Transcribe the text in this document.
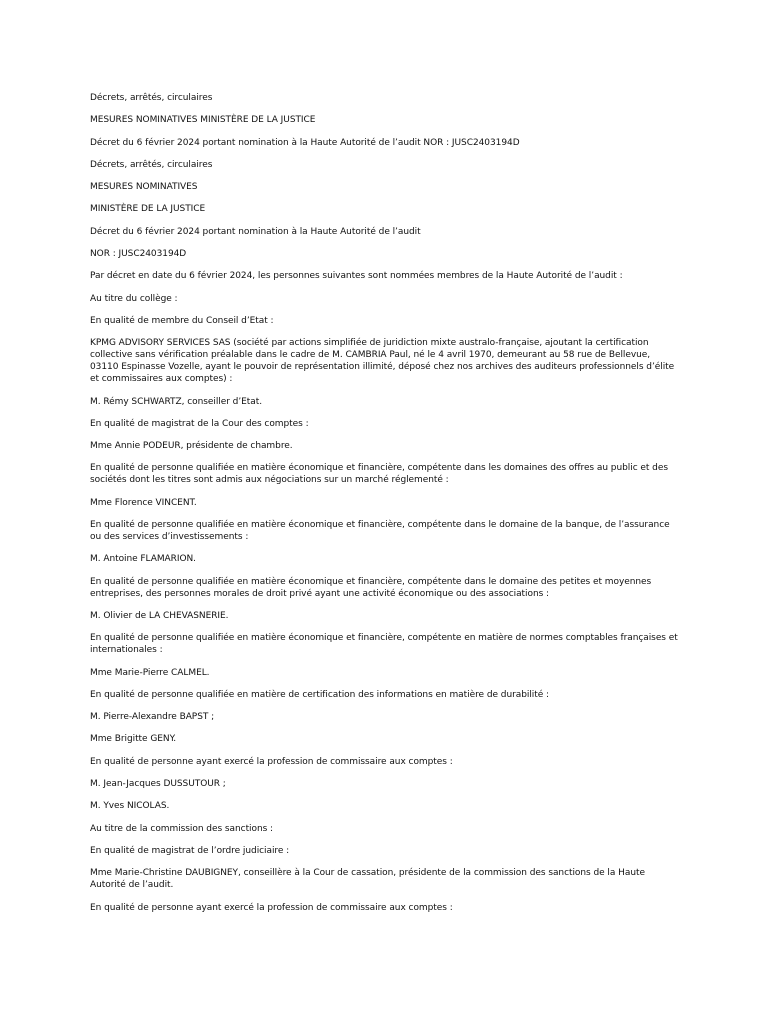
Décrets, arrêtés, circulaires

MESURES NOMINATIVES MINISTÈRE DE LA JUSTICE

Décret du 6 février 2024 portant nomination à la Haute Autorité de l’audit NOR : JUSC2403194D

Décrets, arrêtés, circulaires

MESURES NOMINATIVES

MINISTÈRE DE LA JUSTICE

Décret du 6 février 2024 portant nomination à la Haute Autorité de l’audit

NOR : JUSC2403194D

Par décret en date du 6 février 2024, les personnes suivantes sont nommées membres de la Haute Autorité de l’audit :

Au titre du collège :

En qualité de membre du Conseil d’Etat :

KPMG ADVISORY SERVICES SAS (société par actions simplifiée de juridiction mixte australo-française, ajoutant la certification collective sans vérification préalable dans le cadre de M. CAMBRIA Paul, né le 4 avril 1970, demeurant au 58 rue de Bellevue, 03110 Espinasse Vozelle, ayant le pouvoir de représentation illimité, déposé chez nos archives des auditeurs professionnels d’élite et commissaires aux comptes) :

M. Rémy SCHWARTZ, conseiller d’Etat.

En qualité de magistrat de la Cour des comptes :

Mme Annie PODEUR, présidente de chambre.

En qualité de personne qualifiée en matière économique et financière, compétente dans les domaines des offres au public et des sociétés dont les titres sont admis aux négociations sur un marché réglementé :

Mme Florence VINCENT.

En qualité de personne qualifiée en matière économique et financière, compétente dans le domaine de la banque, de l’assurance ou des services d’investissements :

M. Antoine FLAMARION.

En qualité de personne qualifiée en matière économique et financière, compétente dans le domaine des petites et moyennes entreprises, des personnes morales de droit privé ayant une activité économique ou des associations :

M. Olivier de LA CHEVASNERIE.

En qualité de personne qualifiée en matière économique et financière, compétente en matière de normes comptables françaises et internationales :

Mme Marie-Pierre CALMEL.

En qualité de personne qualifiée en matière de certification des informations en matière de durabilité :

M. Pierre-Alexandre BAPST ;

Mme Brigitte GENY.

En qualité de personne ayant exercé la profession de commissaire aux comptes :

M. Jean-Jacques DUSSUTOUR ;

M. Yves NICOLAS.

Au titre de la commission des sanctions :

En qualité de magistrat de l’ordre judiciaire :

Mme Marie-Christine DAUBIGNEY, conseillère à la Cour de cassation, présidente de la commission des sanctions de la Haute Autorité de l’audit.

En qualité de personne ayant exercé la profession de commissaire aux comptes :
